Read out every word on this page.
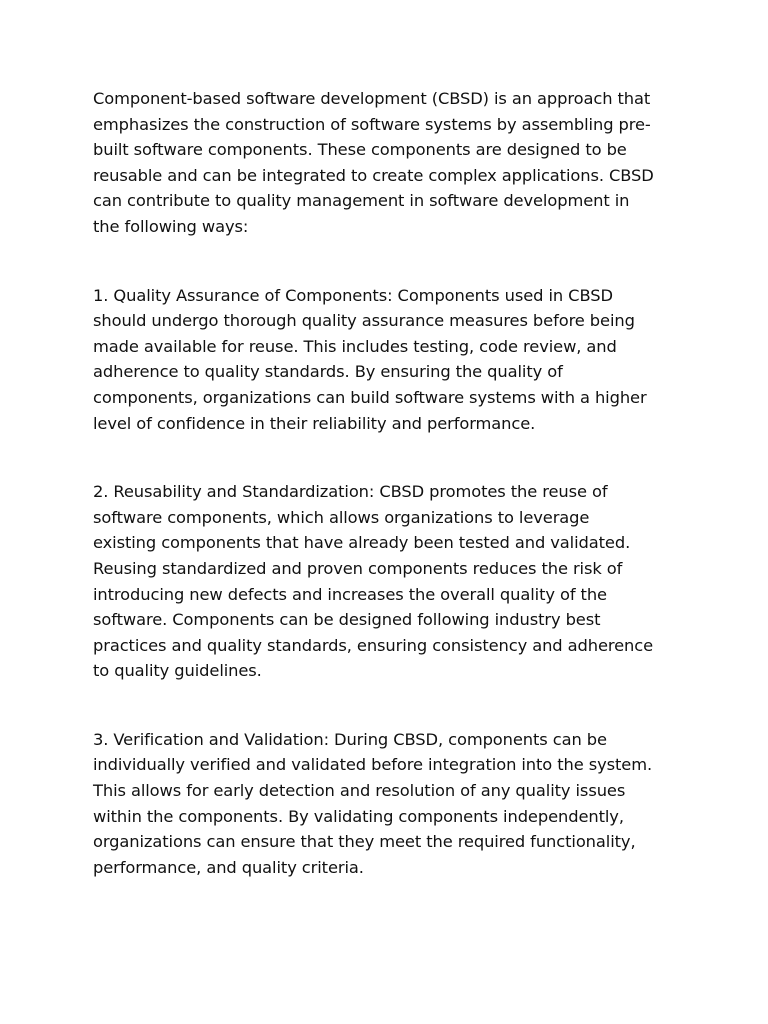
Component-based software development (CBSD) is an approach that
emphasizes the construction of software systems by assembling pre-
built software components. These components are designed to be
reusable and can be integrated to create complex applications. CBSD
can contribute to quality management in software development in
the following ways:

1. Quality Assurance of Components: Components used in CBSD
should undergo thorough quality assurance measures before being
made available for reuse. This includes testing, code review, and
adherence to quality standards. By ensuring the quality of
components, organizations can build software systems with a higher
level of confidence in their reliability and performance.

2. Reusability and Standardization: CBSD promotes the reuse of
software components, which allows organizations to leverage
existing components that have already been tested and validated.
Reusing standardized and proven components reduces the risk of
introducing new defects and increases the overall quality of the
software. Components can be designed following industry best
practices and quality standards, ensuring consistency and adherence
to quality guidelines.

3. Verification and Validation: During CBSD, components can be
individually verified and validated before integration into the system.
This allows for early detection and resolution of any quality issues
within the components. By validating components independently,
organizations can ensure that they meet the required functionality,
performance, and quality criteria.
